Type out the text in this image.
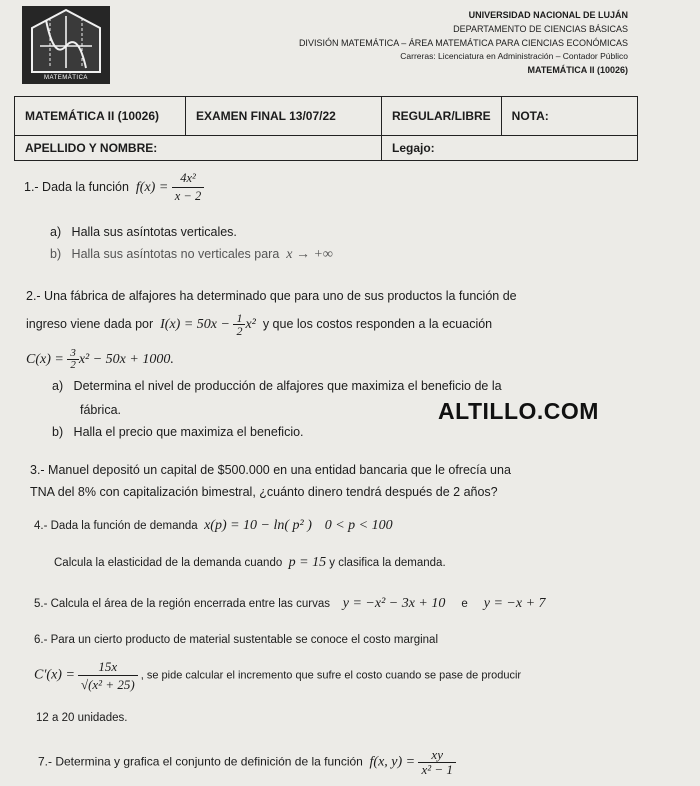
MATEMÁTICA
UNIVERSIDAD NACIONAL DE LUJÁN
DEPARTAMENTO DE CIENCIAS BÁSICAS
DIVISIÓN MATEMÁTICA – ÁREA MATEMÁTICA PARA CIENCIAS ECONÓMICAS
Carreras: Licenciatura en Administración – Contador Público
MATEMÁTICA II (10026)
MATEMÁTICA II (10026)	EXAMEN FINAL 13/07/22	REGULAR/LIBRE	NOTA:
APELLIDO Y NOMBRE:		Legajo:	
1.- Dada la función $f(x) = \frac{\text{4x²}}{x - 2}$
a) Halla sus asíntotas verticales.
b) Halla sus asíntotas no verticales para x → +∞
2.- Una fábrica de alfajores ha determinado que para uno de sus productos la función de
ingreso viene dada por $I(x) = 50x - \frac{1}{2} x^2$ y que los costos responden a la ecuación
$C(x) = \frac{3}{2} x^2 - 50x + 1000$.
a) Determina el nivel de producción de alfajores que maximiza el beneficio de la
fábrica.
b) Halla el precio que maximiza el beneficio.
ALTILLO.COM
3.- Manuel depositó un capital de $500.000 en una entidad bancaria que le ofrecía una
TNA del 8% con capitalización bimestral, ¿cuánto dinero tendrá después de 2 años?
4.- Dada la función de demanda x(p) = 10 − ln( p² ) 0 < p < 100
Calcula la elasticidad de la demanda cuando p = 15 y clasifica la demanda.
5.- Calcula el área de la región encerrada entre las curvas y = −x² − 3x + 10 e y = −x + 7
6.- Para un cierto producto de material sustentable se conoce el costo marginal
$C'(x) = \frac{15x}{\text{√(x² + 25)}}$ , se pide calcular el incremento que sufre el costo cuando se pase de producir
12 a 20 unidades.
7.- Determina y grafica el conjunto de definición de la función f(x, $y) = \frac{xy}{\text{x² − 1}}$
